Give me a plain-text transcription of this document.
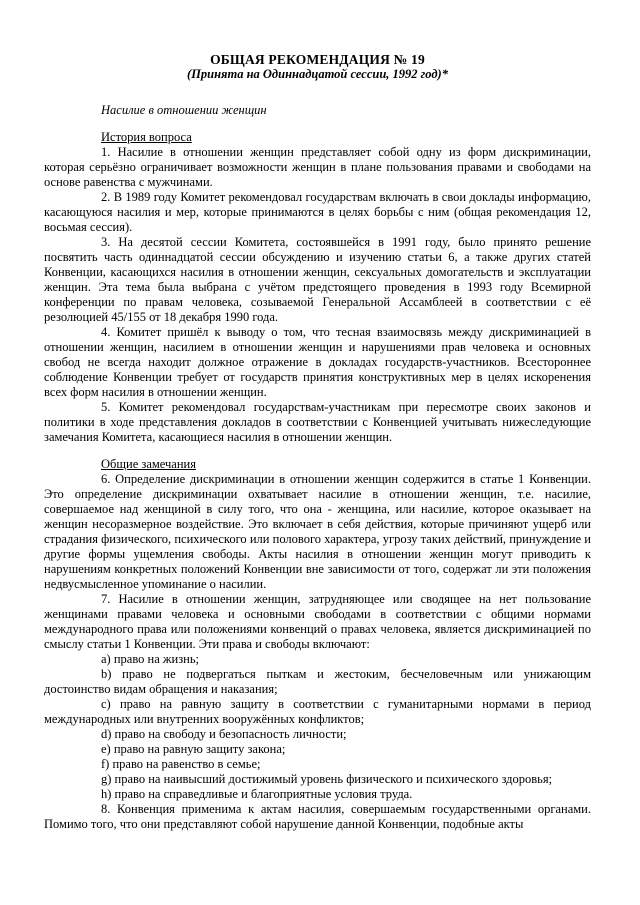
ОБЩАЯ РЕКОМЕНДАЦИЯ № 19
(Принята на Одиннадцатой сессии, 1992 год)*
Насилие в отношении женщин
История вопроса
1. Насилие в отношении женщин представляет собой одну из форм дискриминации, которая серьёзно ограничивает возможности женщин в плане пользования правами и свободами на основе равенства с мужчинами.
2. В 1989 году Комитет рекомендовал государствам включать в свои доклады информацию, касающуюся насилия и мер, которые принимаются в целях борьбы с ним (общая рекомендация 12, восьмая сессия).
3. На десятой сессии Комитета, состоявшейся в 1991 году, было принято решение посвятить часть одиннадцатой сессии обсуждению и изучению статьи 6, а также других статей Конвенции, касающихся насилия в отношении женщин, сексуальных домогательств и эксплуатации женщин. Эта тема была выбрана с учётом предстоящего проведения в 1993 году Всемирной конференции по правам человека, созываемой Генеральной Ассамблеей в соответствии с её резолюцией 45/155 от 18 декабря 1990 года.
4. Комитет пришёл к выводу о том, что тесная взаимосвязь между дискриминацией в отношении женщин, насилием в отношении женщин и нарушениями прав человека и основных свобод не всегда находит должное отражение в докладах государств-участников. Всестороннее соблюдение Конвенции требует от государств принятия конструктивных мер в целях искоренения всех форм насилия в отношении женщин.
5. Комитет рекомендовал государствам-участникам при пересмотре своих законов и политики в ходе представления докладов в соответствии с Конвенцией учитывать нижеследующие замечания Комитета, касающиеся насилия в отношении женщин.
Общие замечания
6. Определение дискриминации в отношении женщин содержится в статье 1 Конвенции. Это определение дискриминации охватывает насилие в отношении женщин, т.е. насилие, совершаемое над женщиной в силу того, что она - женщина, или насилие, которое оказывает на женщин несоразмерное воздействие. Это включает в себя действия, которые причиняют ущерб или страдания физического, психического или полового характера, угрозу таких действий, принуждение и другие формы ущемления свободы. Акты насилия в отношении женщин могут приводить к нарушениям конкретных положений Конвенции вне зависимости от того, содержат ли эти положения недвусмысленное упоминание о насилии.
7. Насилие в отношении женщин, затрудняющее или сводящее на нет пользование женщинами правами человека и основными свободами в соответствии с общими нормами международного права или положениями конвенций о правах человека, является дискриминацией по смыслу статьи 1 Конвенции. Эти права и свободы включают:
a) право на жизнь;
b) право не подвергаться пыткам и жестоким, бесчеловечным или унижающим достоинство видам обращения и наказания;
c) право на равную защиту в соответствии с гуманитарными нормами в период международных или внутренних вооружённых конфликтов;
d) право на свободу и безопасность личности;
e) право на равную защиту закона;
f) право на равенство в семье;
g) право на наивысший достижимый уровень физического и психического здоровья;
h) право на справедливые и благоприятные условия труда.
8. Конвенция применима к актам насилия, совершаемым государственными органами. Помимо того, что они представляют собой нарушение данной Конвенции, подобные акты
